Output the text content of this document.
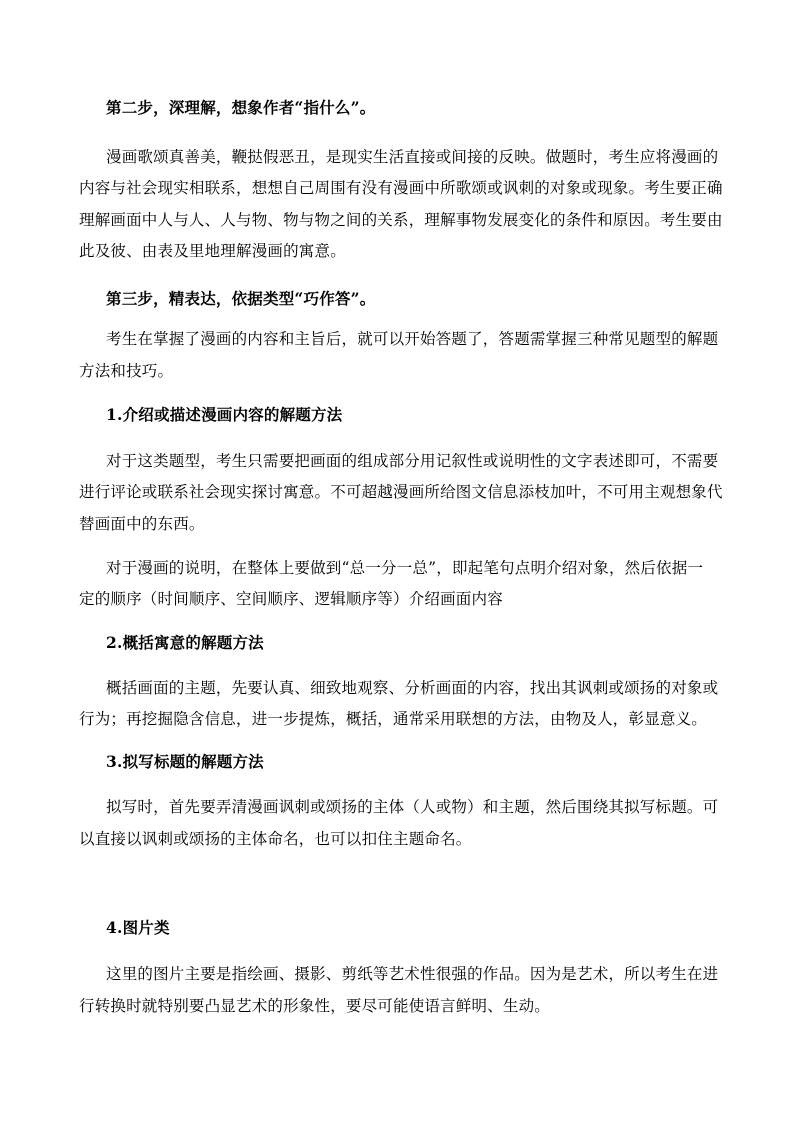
第二步，深理解，想象作者“指什么”。
漫画歌颂真善美，鞭挞假恶丑，是现实生活直接或间接的反映。做题时，考生应将漫画的
内容与社会现实相联系，想想自己周围有没有漫画中所歌颂或讽刺的对象或现象。考生要正确
理解画面中人与人、人与物、物与物之间的关系，理解事物发展变化的条件和原因。考生要由
此及彼、由表及里地理解漫画的寓意。
第三步，精表达，依据类型“巧作答”。
考生在掌握了漫画的内容和主旨后，就可以开始答题了，答题需掌握三种常见题型的解题
方法和技巧。
1.介绍或描述漫画内容的解题方法
对于这类题型，考生只需要把画面的组成部分用记叙性或说明性的文字表述即可，不需要
进行评论或联系社会现实探讨寓意。不可超越漫画所给图文信息添枝加叶，不可用主观想象代
替画面中的东西。
对于漫画的说明，在整体上要做到“总一分一总”，即起笔句点明介绍对象，然后依据一
定的顺序（时间顺序、空间顺序、逻辑顺序等）介绍画面内容
2.概括寓意的解题方法
概括画面的主题，先要认真、细致地观察、分析画面的内容，找出其讽刺或颂扬的对象或
行为；再挖掘隐含信息，进一步提炼，概括，通常采用联想的方法，由物及人，彰显意义。
3.拟写标题的解题方法
拟写时，首先要弄清漫画讽刺或颂扬的主体（人或物）和主题，然后围绕其拟写标题。可
以直接以讽刺或颂扬的主体命名，也可以扣住主题命名。
4.图片类
这里的图片主要是指绘画、摄影、剪纸等艺术性很强的作品。因为是艺术，所以考生在进
行转换时就特别要凸显艺术的形象性，要尽可能使语言鲜明、生动。
